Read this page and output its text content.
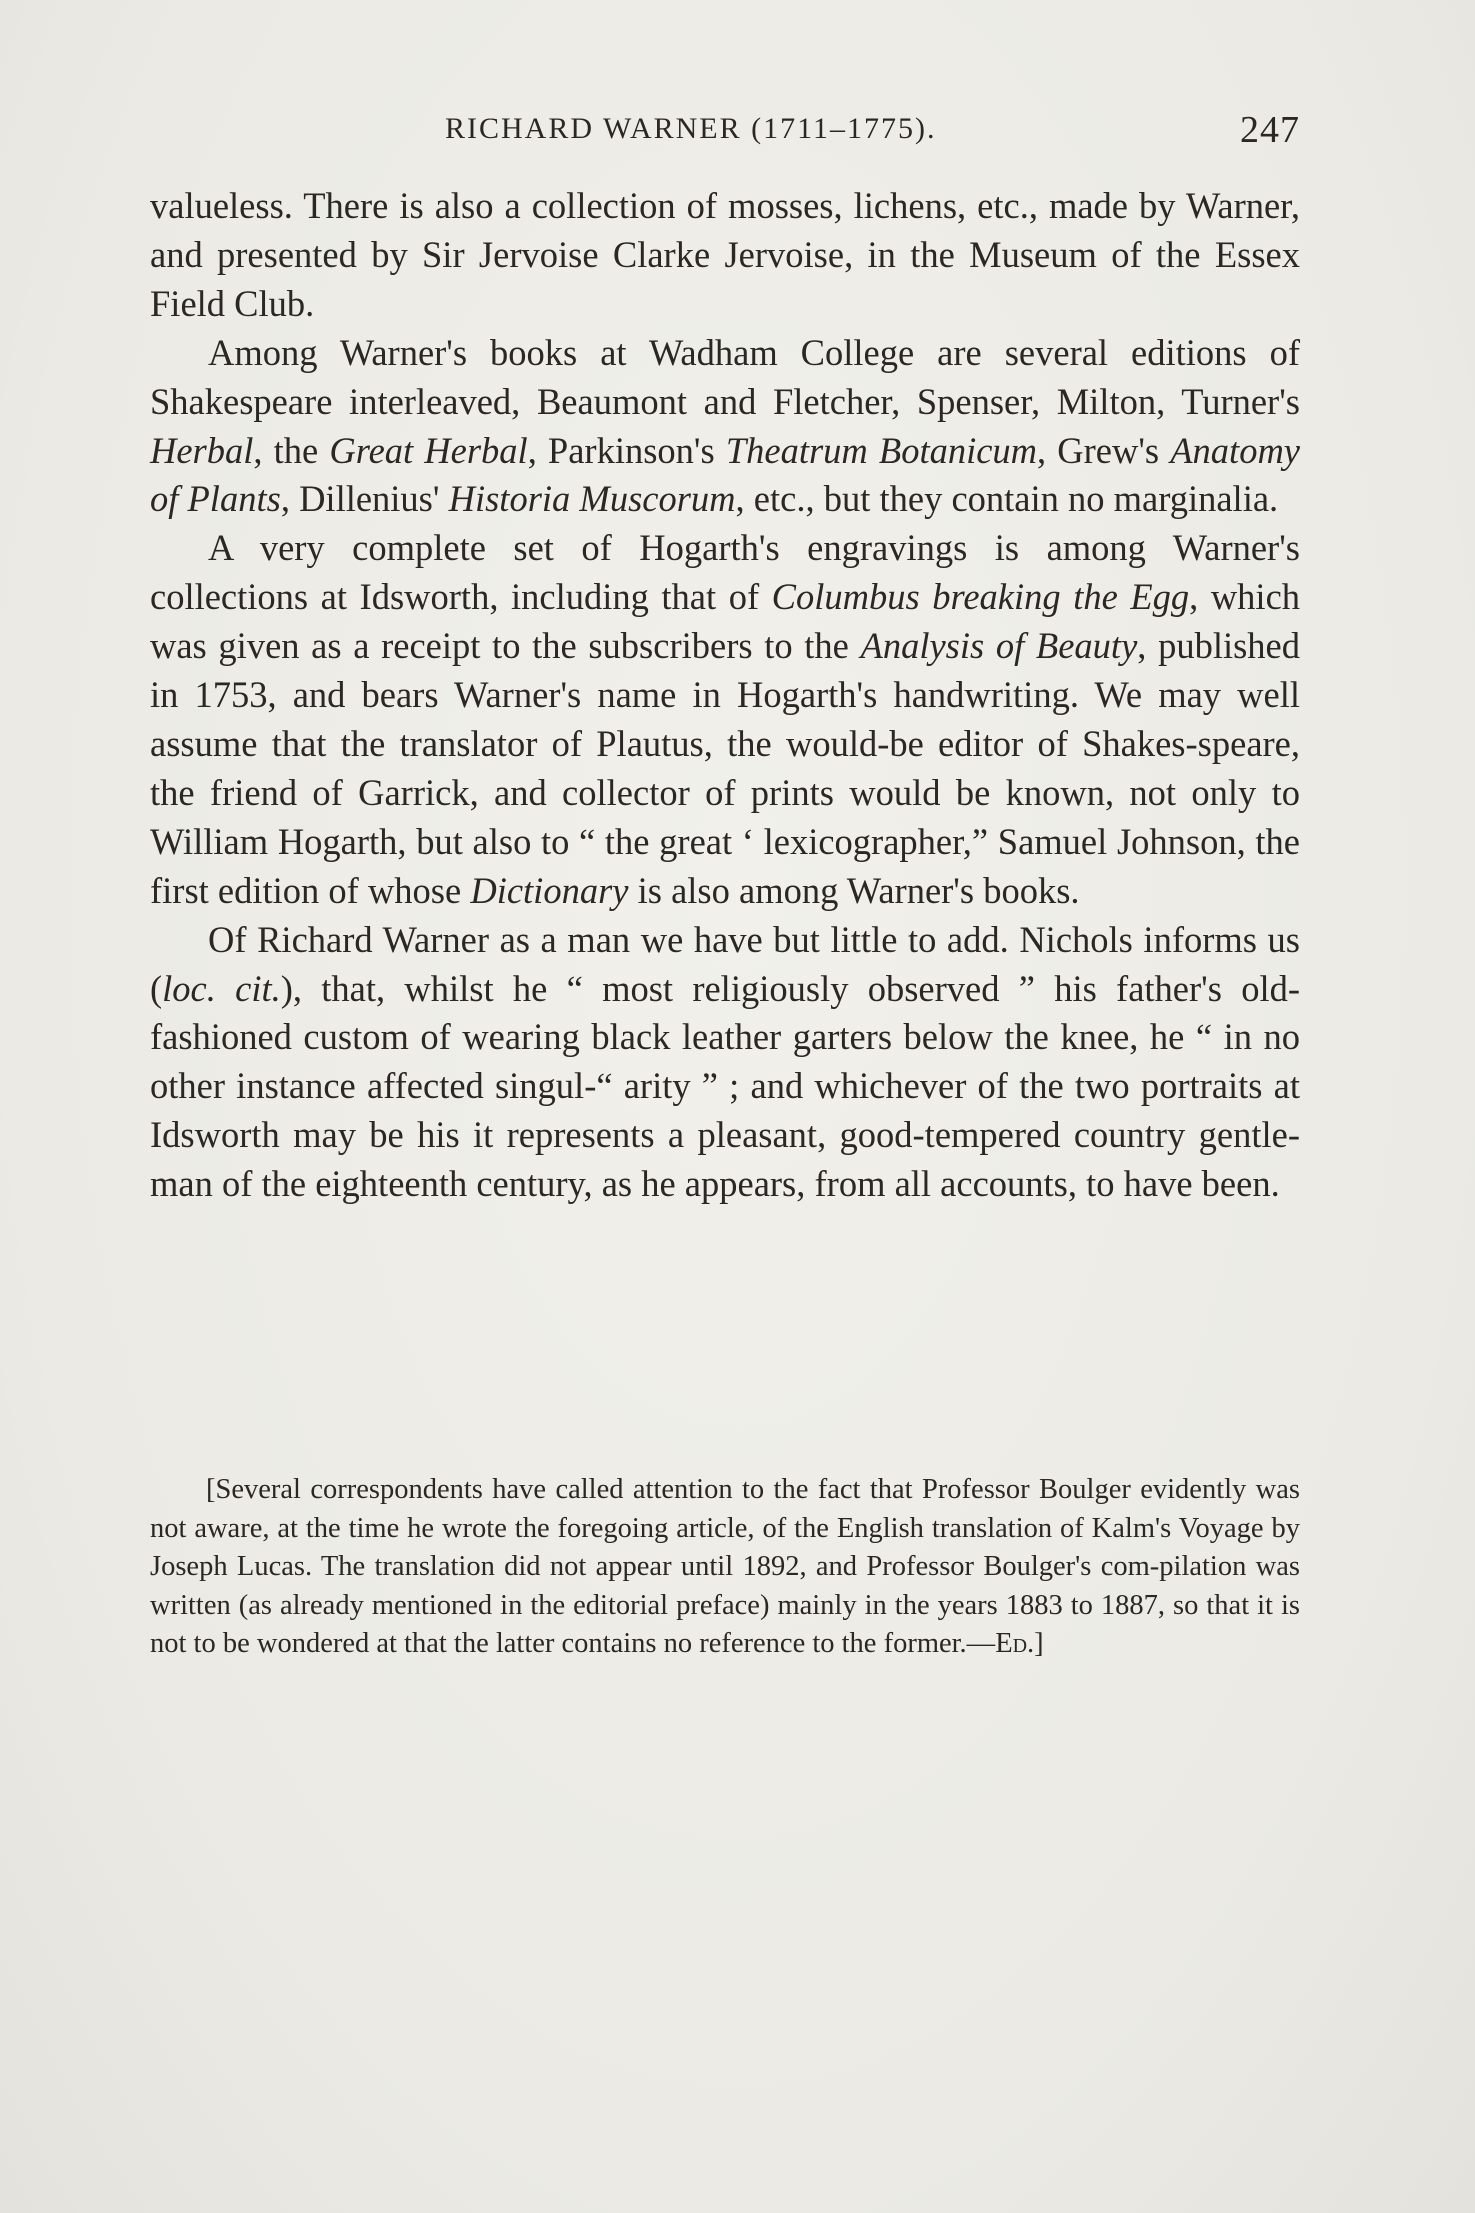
RICHARD WARNER (1711–1775).	247

valueless. There is also a collection of mosses, lichens, etc., made by Warner, and presented by Sir Jervoise Clarke Jervoise, in the Museum of the Essex Field Club.

Among Warner's books at Wadham College are several editions of Shakespeare interleaved, Beaumont and Fletcher, Spenser, Milton, Turner's Herbal, the Great Herbal, Parkinson's Theatrum Botanicum, Grew's Anatomy of Plants, Dillenius' Historia Muscorum, etc., but they contain no marginalia.

A very complete set of Hogarth's engravings is among Warner's collections at Idsworth, including that of Columbus breaking the Egg, which was given as a receipt to the subscribers to the Analysis of Beauty, published in 1753, and bears Warner's name in Hogarth's handwriting. We may well assume that the translator of Plautus, the would-be editor of Shakes-speare, the friend of Garrick, and collector of prints would be known, not only to William Hogarth, but also to “ the great ‘ lexicographer,” Samuel Johnson, the first edition of whose Dictionary is also among Warner's books.

Of Richard Warner as a man we have but little to add. Nichols informs us (loc. cit.), that, whilst he “ most religiously observed ” his father's old-fashioned custom of wearing black leather garters below the knee, he “ in no other instance affected singul-“ arity ” ; and whichever of the two portraits at Idsworth may be his it represents a pleasant, good-tempered country gentle-man of the eighteenth century, as he appears, from all accounts, to have been.

[Several correspondents have called attention to the fact that Professor Boulger evidently was not aware, at the time he wrote the foregoing article, of the English translation of Kalm's Voyage by Joseph Lucas. The translation did not appear until 1892, and Professor Boulger's com-pilation was written (as already mentioned in the editorial preface) mainly in the years 1883 to 1887, so that it is not to be wondered at that the latter contains no reference to the former.—Ed.]
